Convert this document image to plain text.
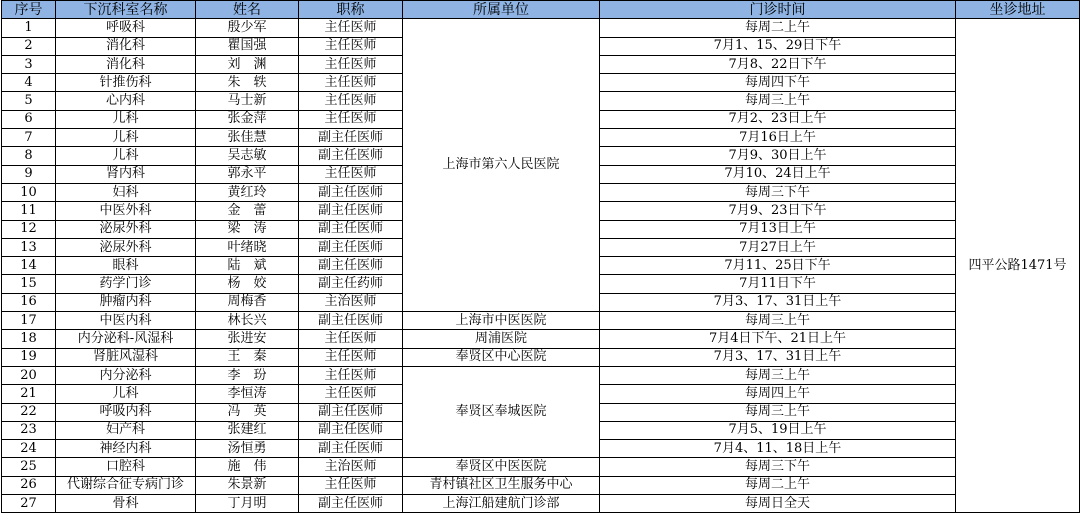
序号	下沉科室名称	姓名	职称	所属单位	门诊时间	坐诊地址
1	呼吸科	殷少军	主任医师	上海市第六人民医院	每周二上午	四平公路1471号
2	消化科	瞿国强	主任医师		7月1、15、29日下午	
3	消化科	刘　渊	主任医师		7月8、22日下午	
4	针推伤科	朱　轶	主任医师		每周四下午	
5	心内科	马士新	主任医师		每周三上午	
6	儿科	张金萍	主任医师		7月2、23日上午	
7	儿科	张佳慧	副主任医师		7月16日上午	
8	儿科	吴志敏	副主任医师		7月9、30日上午	
9	肾内科	郭永平	主任医师		7月10、24日上午	
10	妇科	黄红玲	副主任医师		每周三下午	
11	中医外科	金　蕾	副主任医师		7月9、23日下午	
12	泌尿外科	梁　涛	副主任医师		7月13日上午	
13	泌尿外科	叶绪晓	副主任医师		7月27日上午	
14	眼科	陆　斌	副主任医师		7月11、25日下午	
15	药学门诊	杨　姣	副主任药师		7月11日下午	
16	肿瘤内科	周梅香	主治医师		7月3、17、31日上午	
17	中医内科	林长兴	副主任医师	上海市中医医院	每周三上午	
18	内分泌科-风湿科	张进安	主任医师	周浦医院	7月4日下午、21日上午	
19	肾脏风湿科	王　秦	主任医师	奉贤区中心医院	7月3、17、31日上午	
20	内分泌科	李　玢	主任医师	奉贤区奉城医院	每周三上午	
21	儿科	李恒涛	主任医师		每周四上午	
22	呼吸内科	冯　英	副主任医师		每周三上午	
23	妇产科	张建红	副主任医师		7月5、19日上午	
24	神经内科	汤恒勇	副主任医师		7月4、11、18日上午	
25	口腔科	施　伟	主治医师	奉贤区中医医院	每周三下午	
26	代谢综合征专病门诊	朱景新	主任医师	青村镇社区卫生服务中心	每周二上午	
27	骨科	丁月明	副主任医师	上海江船建航门诊部	每周日全天	
